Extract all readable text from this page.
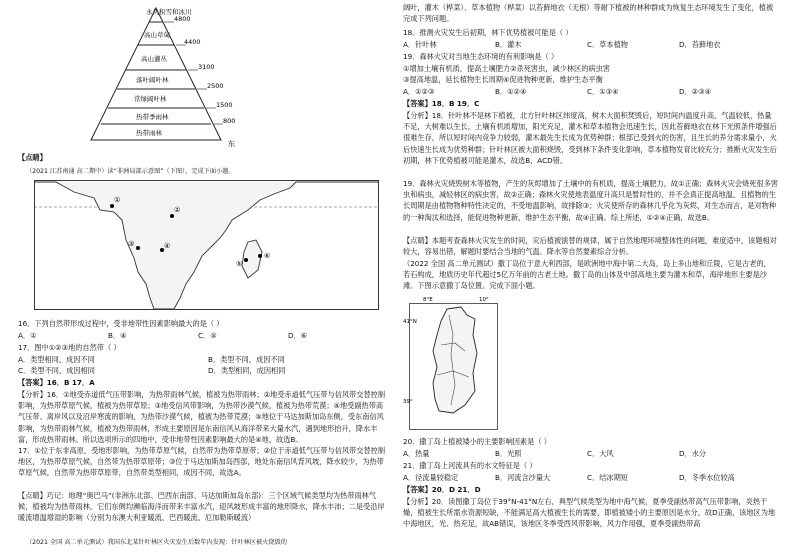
永久积雪和冰川
高山草甸
高山灌丛
落叶阔叶林
常绿阔叶林
热带季雨林
热带雨林
4800
4400
3100
2500
1500
800
东
【点睛】
（2021 江苏南通 高二期中）读“非洲局部示意图”（下图），完成下面小题。
①
②
③	④
⑤
⑥
16．下列自然带形成过程中，受非地带性因素影响最大的是（ ）
A．①	B．④	C．⑤	D．⑥
17．图中①②③地的自然带（ ）
A．类型相同，成因不同	B．类型不同，成因不同
C．类型不同，成因相同	D．类型相同，成因相同
【答案】16．B 17．A
【分析】16．①地受赤道低气压带影响，为热带雨林气候，植被为热带雨林；②地受赤道低气压带与信风带交替控制影响，为热带草原气候，植被为热带草原；③地受信风带影响，为热带沙漠气候，植被为热带荒漠；④地受副热带高气压带、离岸风以及沿岸寒流的影响，为热带沙漠气候，植被为热带荒漠；⑤地位于马达加斯加岛东侧，受东南信风影响，为热带雨林气候，植被为热带雨林，形成主要原因是东南信风从海洋带来大量水汽，遇到地形抬升，降水丰富，形成热带雨林。所以选项所示的四地中，受非地带性因素影响最大的是④地，故选B。
17．①位于东非高原，受地形影响，为热带草原气候，自然带为热带草原带；②位于赤道低气压带与信风带交替控制地区，为热带草原气候，自然带为热带草原带；③位于马达加斯加岛西部，地处东南信风背风坡，降水较少，为热带草原气候，自然带为热带草原带，自然带类型相同，成因不同，故选A。
【点睛】巧记：地理“奥巴马”(非洲东北部、巴西东南部、马达加斯加岛东部)：三个区域气候类型均为热带雨林气候，植被均为热带雨林，它们东侧均濒临海洋而带来丰富水汽，迎风坡形成丰富的地形降水，降水丰沛；二是受沿岸暖流增温增湿的影响（分别为东澳大利亚暖流、巴西暖流、厄加勒斯暖流）
（2021 全国 高二单元测试）我国东北某针叶林区火灾发生后数年内发现：针叶林区被火烧毁的
阔叶，灌木（桦菜）、草本植物（桦菜）以苔藓地衣（无根）等耐下植被的林种群成为恢复生态环境发生了变化，植被完成下列问题。
18．推测火灾发生后初期，林下优势植被可能是（ ）
A．针叶林	B．灌木	C．草本植物	D．苔藓地衣
19．森林火灾对当地生态环境的有利影响是（ ）
①增加土壤有机质，提高土壤肥力②杀死害虫，减少林区的病虫害
③提高地温，延长植物生长周期④促进物种更新，维护生态平衡
A．①②③	B．①②④	C．①③④	D．②③④
【答案】18．B 19．C
【分析】18．针叶林不是林下植被，北方针叶林区纬度高，树木大面积焚毁后，短时间内温度升高，气温较低，热量不足，大树难以生长，土壤有机质增加，阳光充足，灌木和草本植物会迅速生长，因此苔藓地衣在林下光照条件增强后很难生存，所以短时间内竞争力较弱，灌木最先生长成为优势种群；根部已受到火的伤害，且生长的养分需求量小，火后快速生长成为优势种群；针叶林区被大面积烧毁，受到林下条件变化影响，草本植物发育比较充分；推断火灾发生后初期，林下优势植被可能是灌木，故选B，ACD错。
19．森林火灾烧毁树木等植物，产生的灰烬增加了土壤中的有机质，提高土壤肥力，故①正确；森林火灾会烧死很多害虫和病虫，减轻林区的病虫害，故②正确；森林火灾使地表温度升高只是暂时性的，并不会真正提高地温，且植物的生长周期是由植物物种特性决定的，不受地温影响，故排除③；火灾使所存的森林几乎化为灰烬，对生态而言，是对物种的一种淘汰和选择，能促进物种更新，维护生态平衡，故④正确。综上所述，①②④正确，故选B。
【点睛】本题考查森林火灾发生的时间，灾后植被演替的规律，属于自然地理环境整体性的问题，难度适中，该题相对较大，容易出错，解题时要结合当地的气温、降水等自然要素综合分析。
（2022 全国 高二单元测试）撒丁岛位于意大利西部，是欧洲地中海中第二大岛，岛上多山地和丘陵，它是古老的，若石构成，地质历史年代超过5亿万年前的古老土地。撒丁岛的山体及中部高地主要为灌木和草，海岸地形主要是沙滩。下图示意撒丁岛位置。完成下面小题。
8°E	10°
41°N
39°
20．撒丁岛上植被矮小的主要影响因素是（ ）
A．热量	B．光照	C．大风	D．水分
21．撒丁岛上河流具有的水文特征是（ ）
A．径流量较稳定	B．河流含沙量大	C．结冰期短	D．冬季水位较高
【答案】20．D 21．D
【分析】20．读图撒丁岛位于39°N-41°N左右，典型气候类型为地中海气候，夏季受副热带高气压带影响，炎热干燥，植被生长所需水资源短缺，不能满足高大植被生长的需要，即植被矮小的主要原因是水分，故D正确，该地区为地中海地区，光、热充足，故AB错误，该地区冬季受西风带影响，风力作用强，夏季受副热带高
